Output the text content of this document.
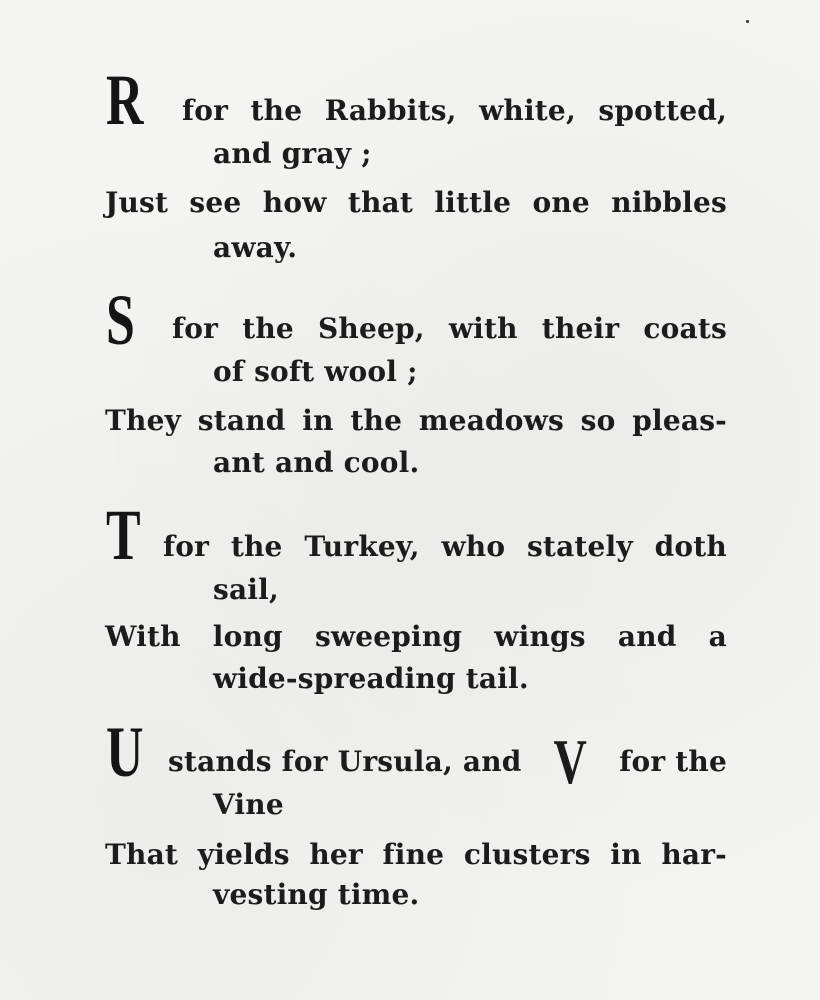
R for the Rabbits, white, spotted,
and gray ;
Just see how that little one nibbles
away.
S for the Sheep, with their coats
of soft wool ;
They stand in the meadows so pleas-
ant and cool.
T for the Turkey, who stately doth
sail,
With long sweeping wings and a
wide-spreading tail.
U stands for Ursula, and V for the
Vine
That yields her fine clusters in har-
vesting time.
